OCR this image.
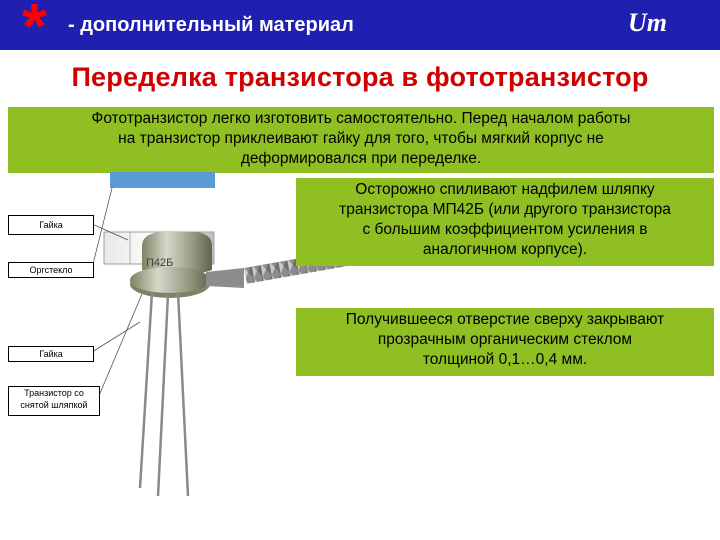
* - дополнительный материал	Um
Переделка транзистора в фототранзистор
Фототранзистор легко изготовить самостоятельно. Перед началом работы
на транзистор приклеивают гайку для того, чтобы мягкий корпус не
деформировался при переделке.
П42Б
Гайка
Оргстекло
Гайка
Транзистор со
снятой шляпкой
Осторожно спиливают надфилем шляпку
транзистора МП42Б (или другого транзистора
с большим коэффициентом усиления в
аналогичном корпусе).
Получившееся отверстие сверху закрывают
прозрачным органическим стеклом
толщиной 0,1…0,4 мм.
